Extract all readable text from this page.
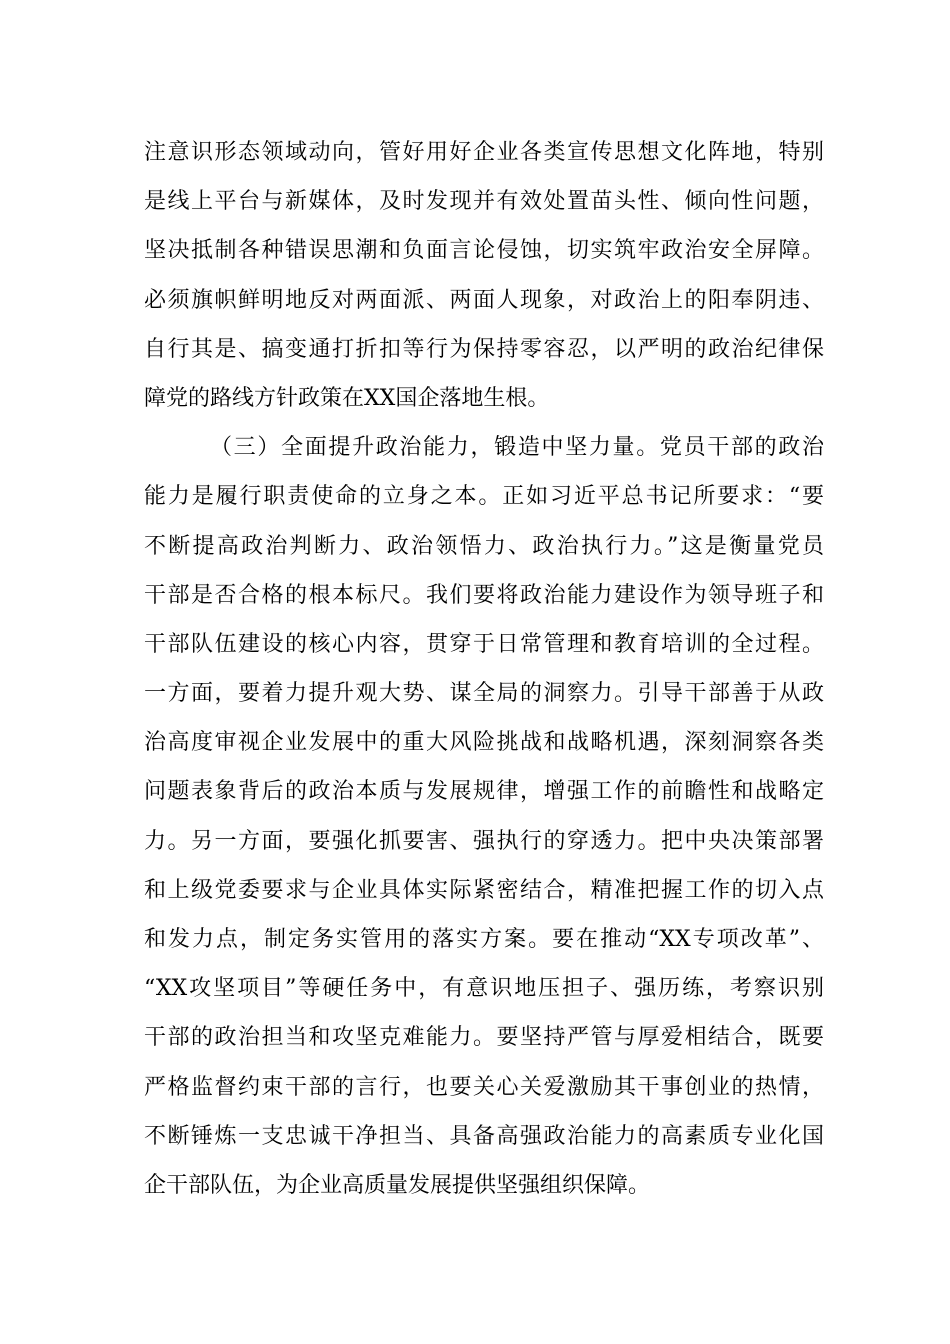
注意识形态领域动向，管好用好企业各类宣传思想文化阵地，特别
是线上平台与新媒体，及时发现并有效处置苗头性、倾向性问题，
坚决抵制各种错误思潮和负面言论侵蚀，切实筑牢政治安全屏障。
必须旗帜鲜明地反对两面派、两面人现象，对政治上的阳奉阴违、
自行其是、搞变通打折扣等行为保持零容忍，以严明的政治纪律保
障党的路线方针政策在XX国企落地生根。
（三）全面提升政治能力，锻造中坚力量。党员干部的政治
能力是履行职责使命的立身之本。正如习近平总书记所要求：“要
不断提高政治判断力、政治领悟力、政治执行力。”这是衡量党员
干部是否合格的根本标尺。我们要将政治能力建设作为领导班子和
干部队伍建设的核心内容，贯穿于日常管理和教育培训的全过程。
一方面，要着力提升观大势、谋全局的洞察力。引导干部善于从政
治高度审视企业发展中的重大风险挑战和战略机遇，深刻洞察各类
问题表象背后的政治本质与发展规律，增强工作的前瞻性和战略定
力。另一方面，要强化抓要害、强执行的穿透力。把中央决策部署
和上级党委要求与企业具体实际紧密结合，精准把握工作的切入点
和发力点，制定务实管用的落实方案。要在推动“XX专项改革”、
“XX攻坚项目”等硬任务中，有意识地压担子、强历练，考察识别
干部的政治担当和攻坚克难能力。要坚持严管与厚爱相结合，既要
严格监督约束干部的言行，也要关心关爱激励其干事创业的热情，
不断锤炼一支忠诚干净担当、具备高强政治能力的高素质专业化国
企干部队伍，为企业高质量发展提供坚强组织保障。
